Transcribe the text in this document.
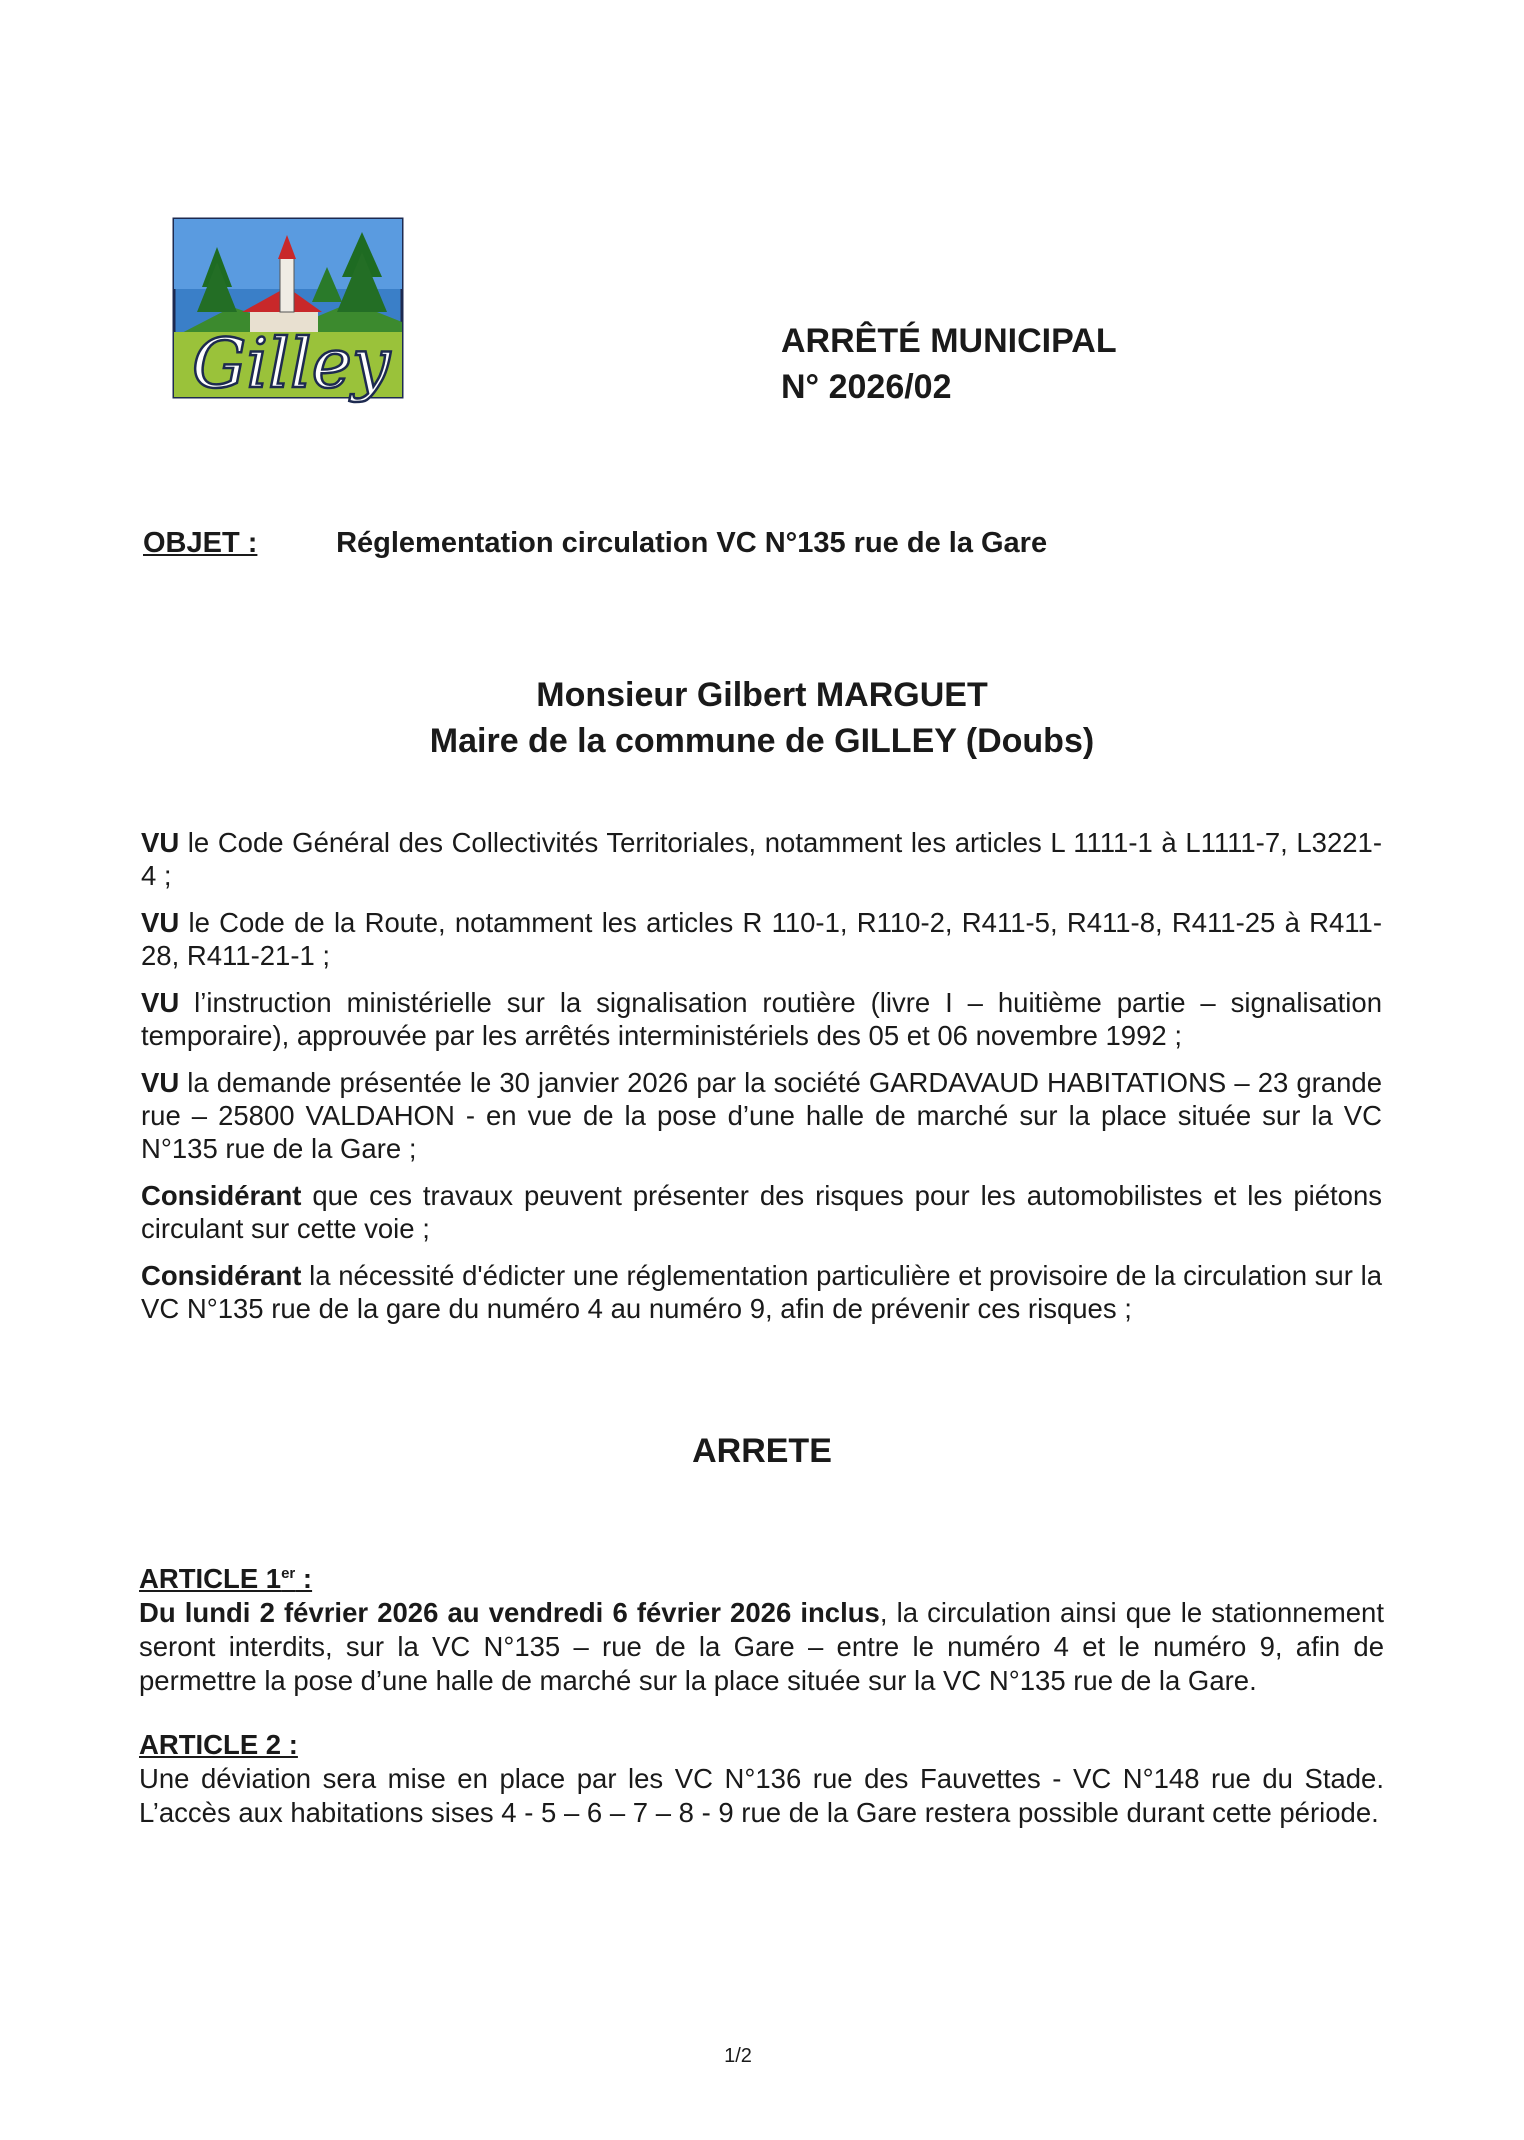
Gilley	ARRÊTÉ MUNICIPAL
N° 2026/02
OBJET :	Réglementation circulation VC N°135 rue de la Gare
Monsieur Gilbert MARGUET
Maire de la commune de GILLEY (Doubs)

VU le Code Général des Collectivités Territoriales, notamment les articles L 1111-1 à L1111-7, L3221-4 ;

VU le Code de la Route, notamment les articles R 110-1, R110-2, R411-5, R411-8, R411-25 à R411-28, R411-21-1 ;

VU l’instruction ministérielle sur la signalisation routière (livre I – huitième partie – signalisation temporaire), approuvée par les arrêtés interministériels des 05 et 06 novembre 1992 ;

VU la demande présentée le 30 janvier 2026 par la société GARDAVAUD HABITATIONS – 23 grande rue – 25800 VALDAHON - en vue de la pose d’une halle de marché sur la place située sur la VC N°135 rue de la Gare ;

Considérant que ces travaux peuvent présenter des risques pour les automobilistes et les piétons circulant sur cette voie ;

Considérant la nécessité d'édicter une réglementation particulière et provisoire de la circulation sur la VC N°135 rue de la gare du numéro 4 au numéro 9, afin de prévenir ces risques ;

ARRETE
ARTICLE 1er :

Du lundi 2 février 2026 au vendredi 6 février 2026 inclus, la circulation ainsi que le stationnement seront interdits, sur la VC N°135 – rue de la Gare – entre le numéro 4 et le numéro 9, afin de permettre la pose d’une halle de marché sur la place située sur la VC N°135 rue de la Gare.

ARTICLE 2 :

Une déviation sera mise en place par les VC N°136 rue des Fauvettes - VC N°148 rue du Stade. L’accès aux habitations sises 4 - 5 – 6 – 7 – 8 - 9 rue de la Gare restera possible durant cette période.

1/2
